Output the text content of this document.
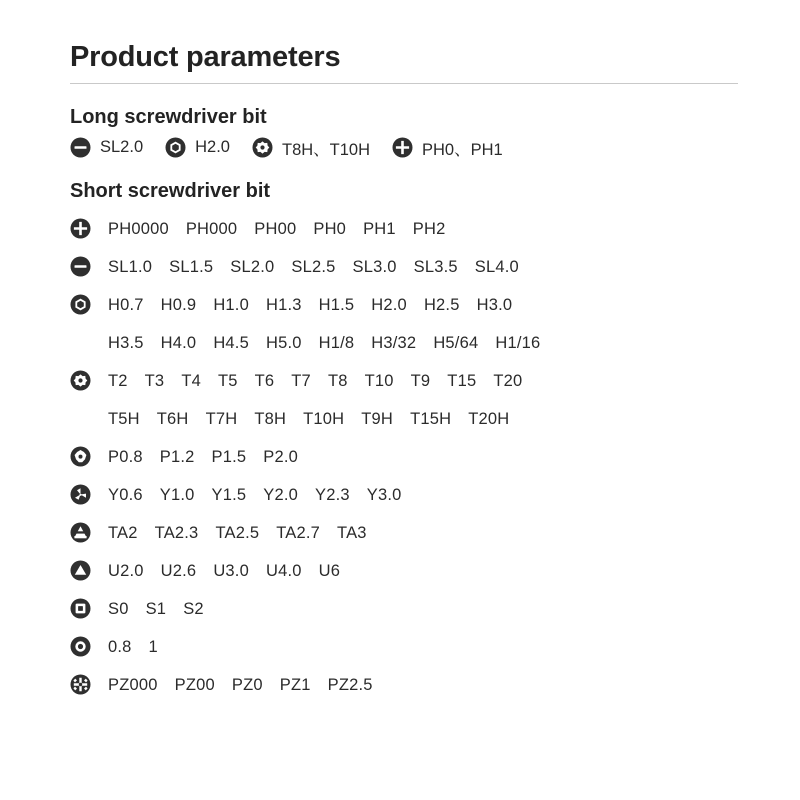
Product parameters
Long screwdriver bit
SL2.0	H2.0	T8H、T10H	PH0、PH1
Short screwdriver bit
PH0000 PH000 PH00 PH0 PH1 PH2
SL1.0 SL1.5 SL2.0 SL2.5 SL3.0 SL3.5 SL4.0
H0.7 H0.9 H1.0 H1.3 H1.5 H2.0 H2.5 H3.0
H3.5 H4.0 H4.5 H5.0 H1/8 H3/32 H5/64 H1/16
T2 T3 T4 T5 T6 T7 T8 T10 T9 T15 T20
T5H T6H T7H T8H T10H T9H T15H T20H
P0.8 P1.2 P1.5 P2.0
Y0.6 Y1.0 Y1.5 Y2.0 Y2.3 Y3.0
TA2 TA2.3 TA2.5 TA2.7 TA3
U2.0 U2.6 U3.0 U4.0 U6
S0 S1 S2
0.8 1
PZ000 PZ00 PZ0 PZ1 PZ2.5
